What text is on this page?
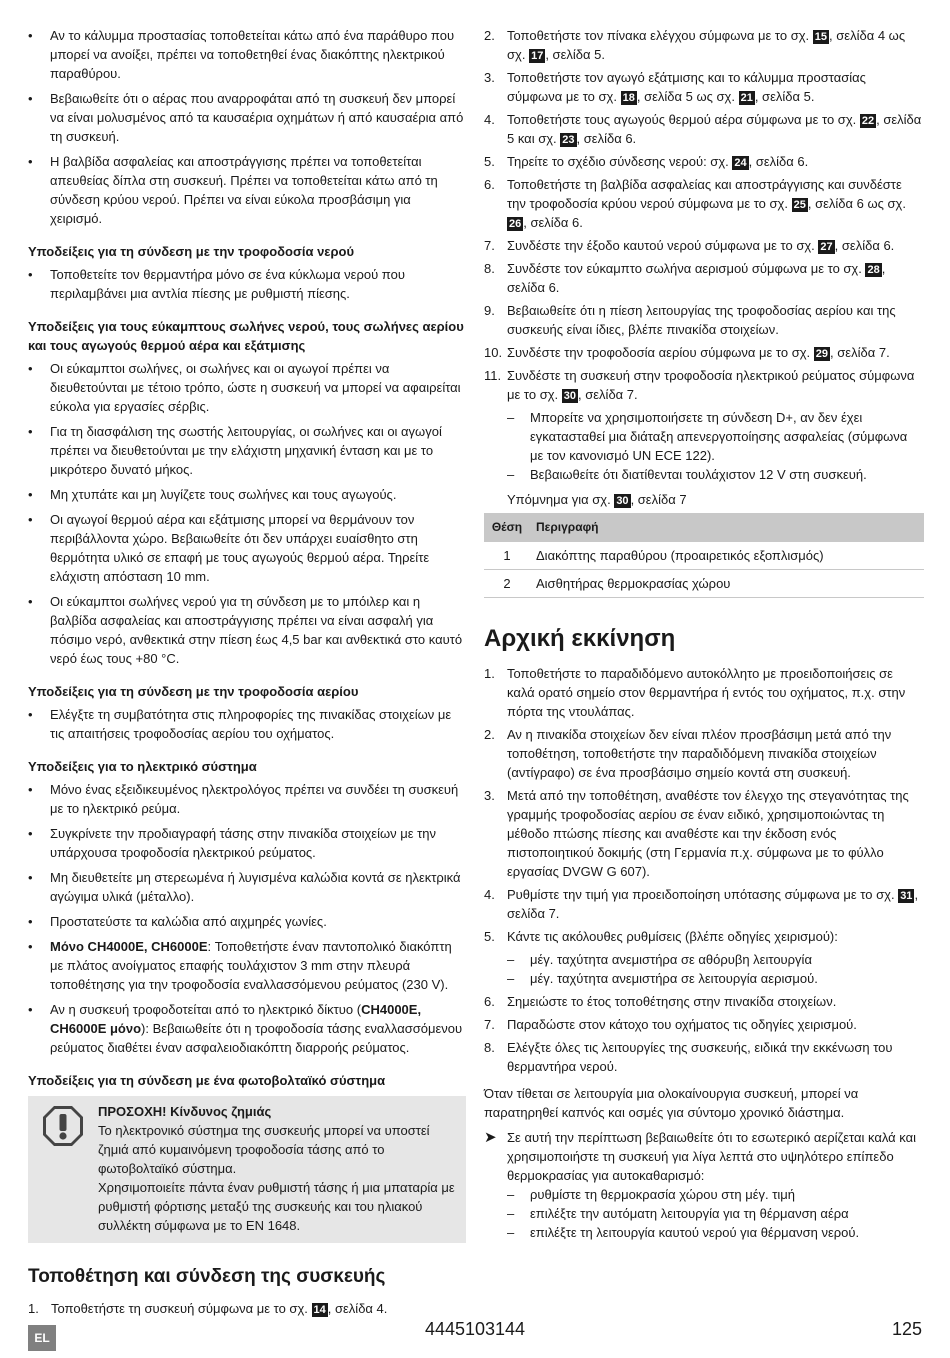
• Αν το κάλυμμα προστασίας τοποθετείται κάτω από ένα παράθυρο που μπορεί να ανοίξει, πρέπει να τοποθετηθεί ένας διακόπτης ηλεκτρικού παραθύρου.
• Βεβαιωθείτε ότι ο αέρας που αναρροφάται από τη συσκευή δεν μπορεί να είναι μολυσμένος από τα καυσαέρια οχημάτων ή από καυσαέρια από τη συσκευή.
• Η βαλβίδα ασφαλείας και αποστράγγισης πρέπει να τοποθετείται απευθείας δίπλα στη συσκευή. Πρέπει να τοποθετείται κάτω από τη σύνδεση κρύου νερού. Πρέπει να είναι εύκολα προσβάσιμη για χειρισμό.
Υποδείξεις για τη σύνδεση με την τροφοδοσία νερού
• Τοποθετείτε τον θερμαντήρα μόνο σε ένα κύκλωμα νερού που περιλαμβάνει μια αντλία πίεσης με ρυθμιστή πίεσης.
Υποδείξεις για τους εύκαμπτους σωλήνες νερού, τους σωλήνες αερίου και τους αγωγούς θερμού αέρα και εξάτμισης
• Οι εύκαμπτοι σωλήνες, οι σωλήνες και οι αγωγοί πρέπει να διευθετούνται με τέτοιο τρόπο, ώστε η συσκευή να μπορεί να αφαιρείται εύκολα για εργασίες σέρβις.
• Για τη διασφάλιση της σωστής λειτουργίας, οι σωλήνες και οι αγωγοί πρέπει να διευθετούνται με την ελάχιστη μηχανική ένταση και με το μικρότερο δυνατό μήκος.
• Μη χτυπάτε και μη λυγίζετε τους σωλήνες και τους αγωγούς.
• Οι αγωγοί θερμού αέρα και εξάτμισης μπορεί να θερμάνουν τον περιβάλλοντα χώρο. Βεβαιωθείτε ότι δεν υπάρχει ευαίσθητο στη θερμότητα υλικό σε επαφή με τους αγωγούς θερμού αέρα. Τηρείτε ελάχιστη απόσταση 10 mm.
• Οι εύκαμπτοι σωλήνες νερού για τη σύνδεση με το μπόιλερ και η βαλβίδα ασφαλείας και αποστράγγισης πρέπει να είναι ασφαλή για πόσιμο νερό, ανθεκτικά στην πίεση έως 4,5 bar και ανθεκτικά στο καυτό νερό έως τους +80 °C.
Υποδείξεις για τη σύνδεση με την τροφοδοσία αερίου
• Ελέγξτε τη συμβατότητα στις πληροφορίες της πινακίδας στοιχείων με τις απαιτήσεις τροφοδοσίας αερίου του οχήματος.
Υποδείξεις για το ηλεκτρικό σύστημα
• Μόνο ένας εξειδικευμένος ηλεκτρολόγος πρέπει να συνδέει τη συσκευή με το ηλεκτρικό ρεύμα.
• Συγκρίνετε την προδιαγραφή τάσης στην πινακίδα στοιχείων με την υπάρχουσα τροφοδοσία ηλεκτρικού ρεύματος.
• Μη διευθετείτε μη στερεωμένα ή λυγισμένα καλώδια κοντά σε ηλεκτρικά αγώγιμα υλικά (μέταλλο).
• Προστατεύστε τα καλώδια από αιχμηρές γωνίες.
• Μόνο CH4000E, CH6000E: Τοποθετήστε έναν παντοπολικό διακόπτη με πλάτος ανοίγματος επαφής τουλάχιστον 3 mm στην πλευρά τοποθέτησης για την τροφοδοσία εναλλασσόμενου ρεύματος (230 V).
• Αν η συσκευή τροφοδοτείται από το ηλεκτρικό δίκτυο (CH4000E, CH6000E μόνο): Βεβαιωθείτε ότι η τροφοδοσία τάσης εναλλασσόμενου ρεύματος διαθέτει έναν ασφαλειοδιακόπτη διαρροής ρεύματος.
Υποδείξεις για τη σύνδεση με ένα φωτοβολταϊκό σύστημα
ΠΡΟΣΟΧΗ! Κίνδυνος ζημιάς
Το ηλεκτρονικό σύστημα της συσκευής μπορεί να υποστεί ζημιά από κυμαινόμενη τροφοδοσία τάσης από το φωτοβολταϊκό σύστημα.
Χρησιμοποιείτε πάντα έναν ρυθμιστή τάσης ή μια μπαταρία με ρυθμιστή φόρτισης μεταξύ της συσκευής και του ηλιακού συλλέκτη σύμφωνα με το EN 1648.
Τοποθέτηση και σύνδεση της συσκευής
1. Τοποθετήστε τη συσκευή σύμφωνα με το σχ. 14 , σελίδα 4.
2. Τοποθετήστε τον πίνακα ελέγχου σύμφωνα με το σχ. 15 , σελίδα 4 ως σχ. 17 , σελίδα 5.
3. Τοποθετήστε τον αγωγό εξάτμισης και το κάλυμμα προστασίας σύμφωνα με το σχ. 18 , σελίδα 5 ως σχ. 21 , σελίδα 5.
4. Τοποθετήστε τους αγωγούς θερμού αέρα σύμφωνα με το σχ. 22 , σελίδα 5 και σχ. 23 , σελίδα 6.
5. Τηρείτε το σχέδιο σύνδεσης νερού: σχ. 24 , σελίδα 6.
6. Τοποθετήστε τη βαλβίδα ασφαλείας και αποστράγγισης και συνδέστε την τροφοδοσία κρύου νερού σύμφωνα με το σχ. 25 , σελίδα 6 ως σχ. 26 , σελίδα 6.
7. Συνδέστε την έξοδο καυτού νερού σύμφωνα με το σχ. 27 , σελίδα 6.
8. Συνδέστε τον εύκαμπτο σωλήνα αερισμού σύμφωνα με το σχ. 28 , σελίδα 6.
9. Βεβαιωθείτε ότι η πίεση λειτουργίας της τροφοδοσίας αερίου και της συσκευής είναι ίδιες, βλέπε πινακίδα στοιχείων.
10. Συνδέστε την τροφοδοσία αερίου σύμφωνα με το σχ. 29 , σελίδα 7.
11. Συνδέστε τη συσκευή στην τροφοδοσία ηλεκτρικού ρεύματος σύμφωνα με το σχ. 30 , σελίδα 7.
– Μπορείτε να χρησιμοποιήσετε τη σύνδεση D+, αν δεν έχει εγκατασταθεί μια διάταξη απενεργοποίησης ασφαλείας (σύμφωνα με τον κανονισμό UN ECE 122).
– Βεβαιωθείτε ότι διατίθενται τουλάχιστον 12 V στη συσκευή.
Υπόμνημα για σχ. 30 , σελίδα 7
Θέση	Περιγραφή
1	Διακόπτης παραθύρου (προαιρετικός εξοπλισμός)
2	Αισθητήρας θερμοκρασίας χώρου
Αρχική εκκίνηση
1. Τοποθετήστε το παραδιδόμενο αυτοκόλλητο με προειδοποιήσεις σε καλά ορατό σημείο στον θερμαντήρα ή εντός του οχήματος, π.χ. στην πόρτα της ντουλάπας.
2. Αν η πινακίδα στοιχείων δεν είναι πλέον προσβάσιμη μετά από την τοποθέτηση, τοποθετήστε την παραδιδόμενη πινακίδα στοιχείων (αντίγραφο) σε ένα προσβάσιμο σημείο κοντά στη συσκευή.
3. Μετά από την τοποθέτηση, αναθέστε τον έλεγχο της στεγανότητας της γραμμής τροφοδοσίας αερίου σε έναν ειδικό, χρησιμοποιώντας τη μέθοδο πτώσης πίεσης και αναθέστε και την έκδοση ενός πιστοποιητικού δοκιμής (στη Γερμανία π.χ. σύμφωνα με το φύλλο εργασίας DVGW G 607).
4. Ρυθμίστε την τιμή για προειδοποίηση υπότασης σύμφωνα με το σχ. 31 , σελίδα 7.
5. Κάντε τις ακόλουθες ρυθμίσεις (βλέπε οδηγίες χειρισμού):
– μέγ. ταχύτητα ανεμιστήρα σε αθόρυβη λειτουργία
– μέγ. ταχύτητα ανεμιστήρα σε λειτουργία αερισμού.
6. Σημειώστε το έτος τοποθέτησης στην πινακίδα στοιχείων.
7. Παραδώστε στον κάτοχο του οχήματος τις οδηγίες χειρισμού.
8. Ελέγξτε όλες τις λειτουργίες της συσκευής, ειδικά την εκκένωση του θερμαντήρα νερού.

Όταν τίθεται σε λειτουργία μια ολοκαίνουργια συσκευή, μπορεί να παρατηρηθεί καπνός και οσμές για σύντομο χρονικό διάστημα.

➤ Σε αυτή την περίπτωση βεβαιωθείτε ότι το εσωτερικό αερίζεται καλά και χρησιμοποιήστε τη συσκευή για λίγα λεπτά στο υψηλότερο επίπεδο θερμοκρασίας για αυτοκαθαρισμό:
– ρυθμίστε τη θερμοκρασία χώρου στη μέγ. τιμή
– επιλέξτε την αυτόματη λειτουργία για τη θέρμανση αέρα
– επιλέξτε τη λειτουργία καυτού νερού για θέρμανση νερού.
EL	4445103144	125
